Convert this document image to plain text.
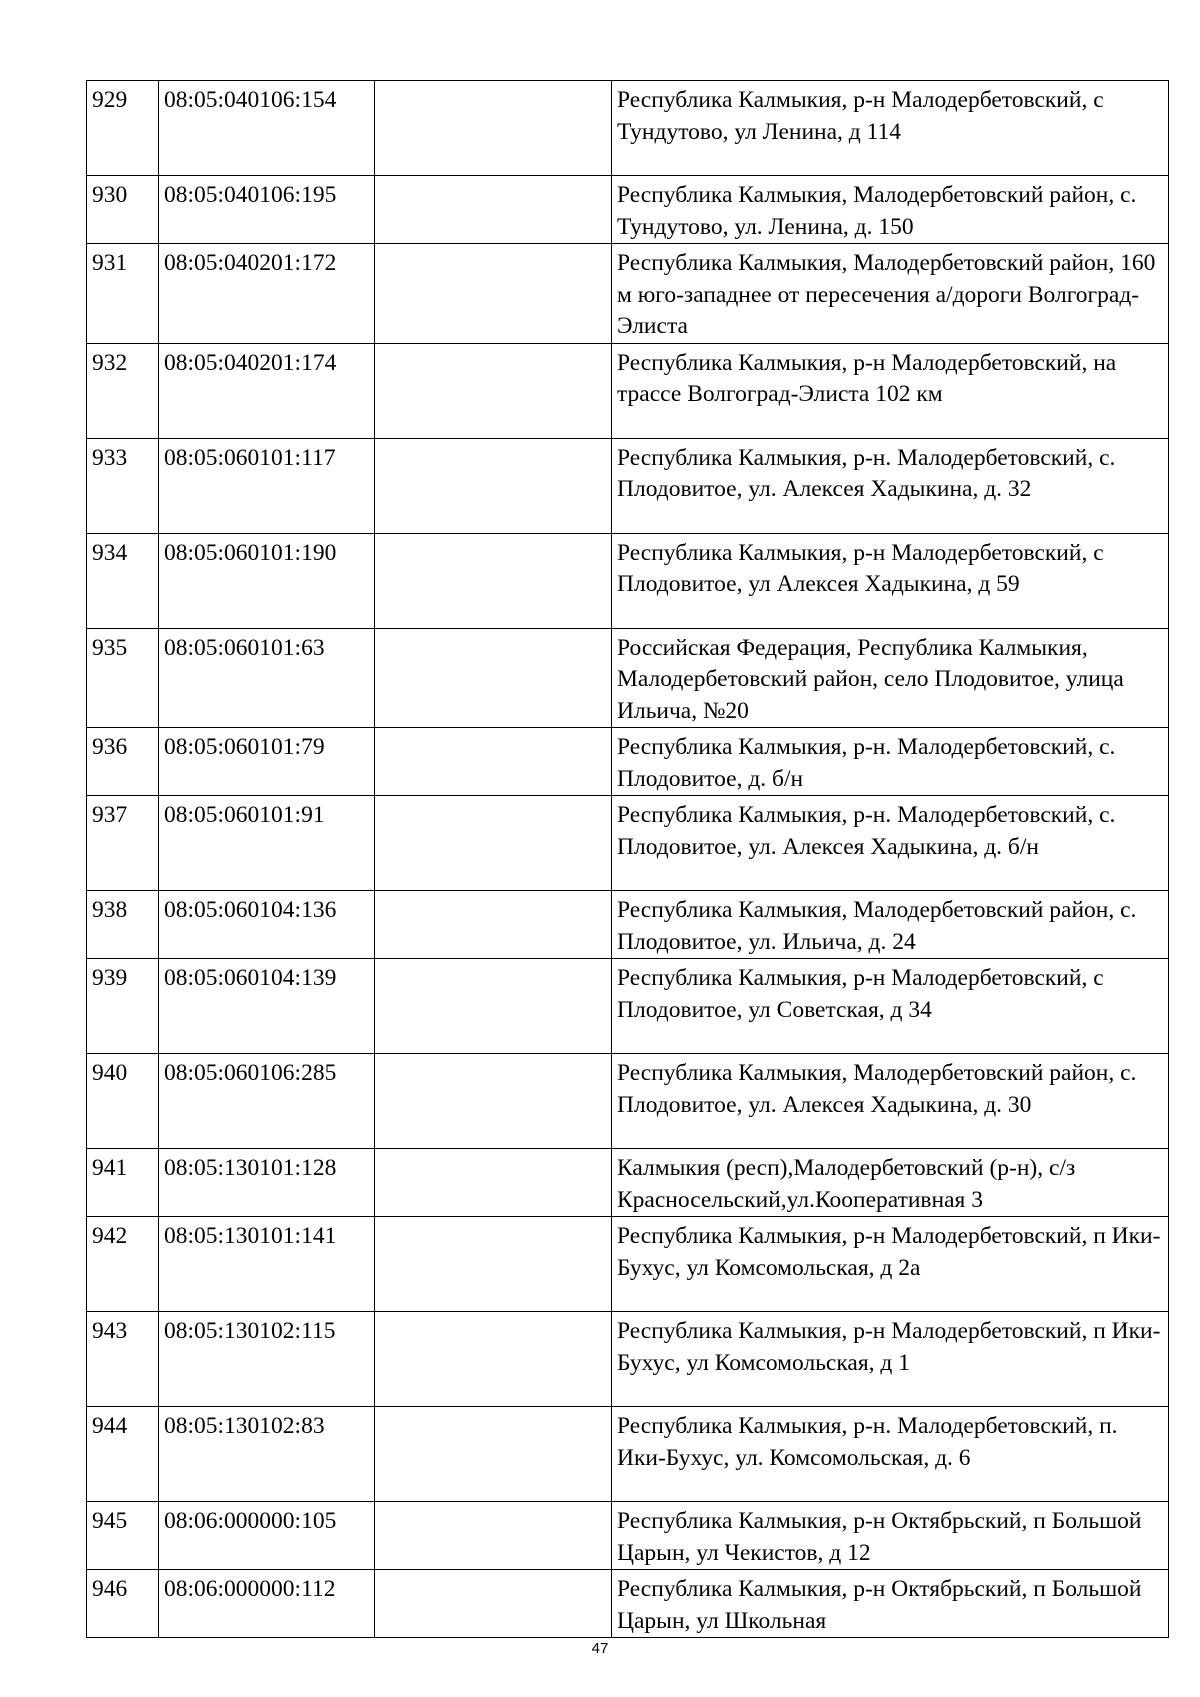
929	08:05:040106:154		Республика Калмыкия, р-н Малодербетовский, с Тундутово, ул Ленина, д 114
930	08:05:040106:195		Республика Калмыкия, Малодербетовский район, с. Тундутово, ул. Ленина, д. 150
931	08:05:040201:172		Республика Калмыкия, Малодербетовский район, 160 м юго-западнее от пересечения а/дороги Волгоград-Элиста
932	08:05:040201:174		Республика Калмыкия, р-н Малодербетовский, на трассе Волгоград-Элиста 102 км
933	08:05:060101:117		Республика Калмыкия, р-н. Малодербетовский, с. Плодовитое, ул. Алексея Хадыкина, д. 32
934	08:05:060101:190		Республика Калмыкия, р-н Малодербетовский, с Плодовитое, ул Алексея Хадыкина, д 59
935	08:05:060101:63		Российская Федерация, Республика Калмыкия, Малодербетовский район, село Плодовитое, улица Ильича, №20
936	08:05:060101:79		Республика Калмыкия, р-н. Малодербетовский, с. Плодовитое, д. б/н
937	08:05:060101:91		Республика Калмыкия, р-н. Малодербетовский, с. Плодовитое, ул. Алексея Хадыкина, д. б/н
938	08:05:060104:136		Республика Калмыкия, Малодербетовский район, с. Плодовитое, ул. Ильича, д. 24
939	08:05:060104:139		Республика Калмыкия, р-н Малодербетовский, с Плодовитое, ул Советская, д 34
940	08:05:060106:285		Республика Калмыкия, Малодербетовский район, с. Плодовитое, ул. Алексея Хадыкина, д. 30
941	08:05:130101:128		Калмыкия (респ),Малодербетовский (р-н), с/з Красносельский,ул.Кооперативная 3
942	08:05:130101:141		Республика Калмыкия, р-н Малодербетовский, п Ики-Бухус, ул Комсомольская, д 2а
943	08:05:130102:115		Республика Калмыкия, р-н Малодербетовский, п Ики-Бухус, ул Комсомольская, д 1
944	08:05:130102:83		Республика Калмыкия, р-н. Малодербетовский, п. Ики-Бухус, ул. Комсомольская, д. 6
945	08:06:000000:105		Республика Калмыкия, р-н Октябрьский, п Большой Царын, ул Чекистов, д 12
946	08:06:000000:112		Республика Калмыкия, р-н Октябрьский, п Большой Царын, ул Школьная
47
